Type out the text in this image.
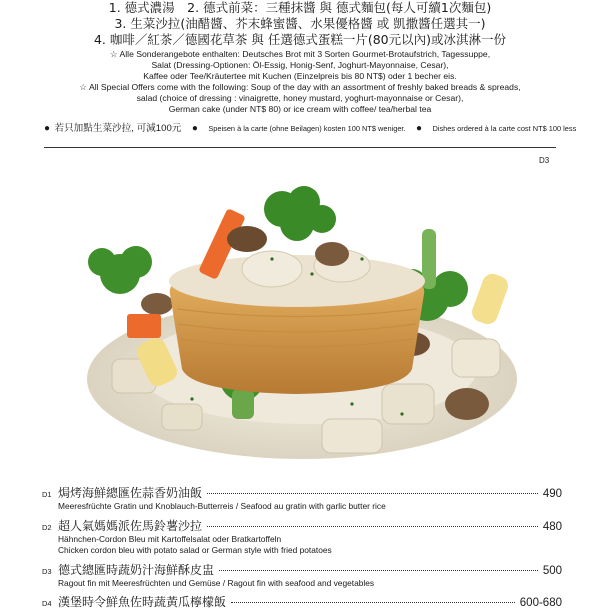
1. 德式濃湯　2. 德式前菜：三種抹醬 與 德式麵包(每人可續1次麵包)

3. 生菜沙拉(油醋醬、芥末蜂蜜醬、水果優格醬 或 凱撒醬任選其一)

4. 咖啡／紅茶／德國花草茶 與 任選德式蛋糕一片(80元以內)或冰淇淋一份

☆ Alle Sonderangebote enthalten: Deutsches Brot mit 3 Sorten Gourmet-Brotaufstrich, Tagessuppe,

Salat (Dressing-Optionen: Öl-Essig, Honig-Senf, Joghurt-Mayonnaise, Cesar),

Kaffee oder Tee/Kräutertee mit Kuchen (Einzelpreis bis 80 NT$) oder 1 becher eis.

☆ All Special Offers come with the following: Soup of the day with an assortment of freshly baked breads & spreads,

salad (choice of dressing : vinaigrette, honey mustard, yoghurt-mayonnaise or Cesar),

German cake (under NT$ 80) or ice cream with coffee/ tea/herbal tea

● 若只加點生菜沙拉, 可減100元 ● Speisen à la carte (ohne Beilagen) kosten 100 NT$ weniger. ● Dishes ordered à la carte cost NT$ 100 less
D3
D1 焗烤海鮮總匯佐蒜香奶油飯	490
Meeresfrüchte Gratin und Knoblauch-Butterreis / Seafood au gratin with garlic butter rice
D2 超人氣媽媽派佐馬鈴薯沙拉	480
Hähnchen-Cordon Bleu mit Kartoffelsalat oder Bratkartoffeln
Chicken cordon bleu with potato salad or German style with fried potatoes
D3 德式總匯時蔬奶汁海鮮酥皮盅	500
Ragout fin mit Meeresfrüchten und Gemüse / Ragout fin with seafood and vegetables
D4 漢堡時令鮮魚佐時蔬黃瓜檸檬飯	600-680
